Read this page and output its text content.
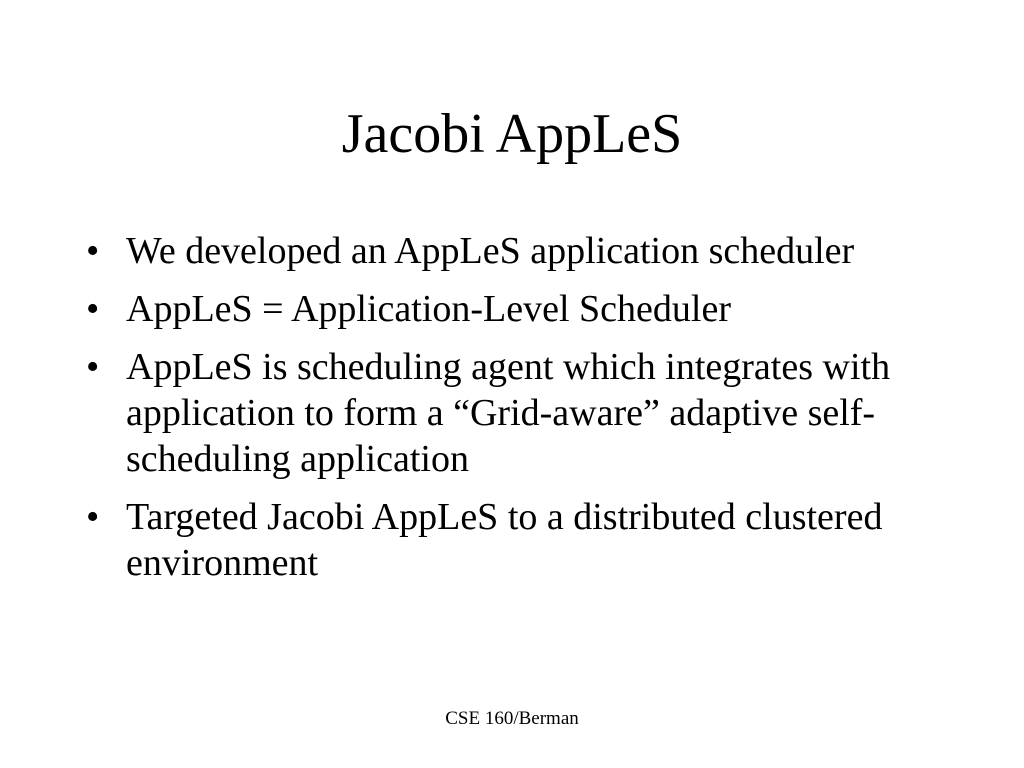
Jacobi AppLeS
• We developed an AppLeS application scheduler
• AppLeS = Application-Level Scheduler
• AppLeS is scheduling agent which integrates with application to form a “Grid-aware” adaptive self-scheduling application
• Targeted Jacobi AppLeS to a distributed clustered environment
CSE 160/Berman
